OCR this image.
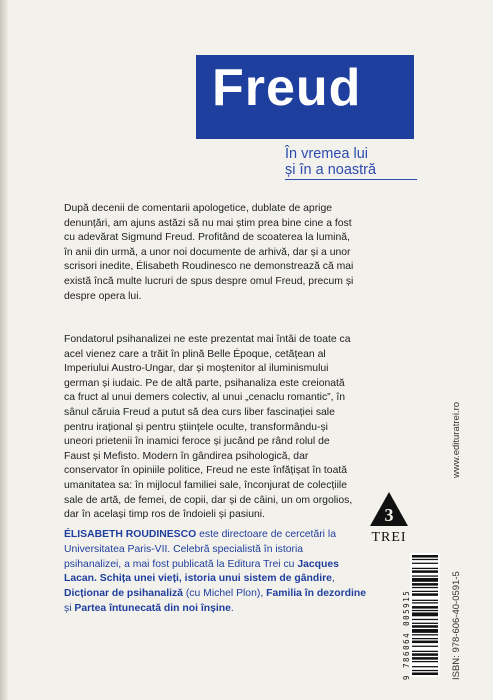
Freud
În vremea lui
și în a noastră
După decenii de comentarii apologetice, dublate de aprige
denunțări, am ajuns astăzi să nu mai știm prea bine cine a fost
cu adevărat Sigmund Freud. Profitând de scoaterea la lumină,
în anii din urmă, a unor noi documente de arhivă, dar și a unor
scrisori inedite, Élisabeth Roudinesco ne demonstrează că mai
există încă multe lucruri de spus despre omul Freud, precum și
despre opera lui.
Fondatorul psihanalizei ne este prezentat mai întâi de toate ca
acel vienez care a trăit în plină Belle Époque, cetățean al
Imperiului Austro-Ungar, dar și moștenitor al iluminismului
german și iudaic. Pe de altă parte, psihanaliza este creionată
ca fruct al unui demers colectiv, al unui „cenaclu romantic”, în
sânul căruia Freud a putut să dea curs liber fascinației sale
pentru irațional și pentru științele oculte, transformându-și
uneori prietenii în inamici feroce și jucând pe rând rolul de
Faust și Mefisto. Modern în gândirea psihologică, dar
conservator în opiniile politice, Freud ne este înfățișat în toată
umanitatea sa: în mijlocul familiei sale, înconjurat de colecțiile
sale de artă, de femei, de copii, dar și de câini, un om orgolios,
dar în același timp ros de îndoieli și pasiuni.
ÉLISABETH ROUDINESCO este directoare de cercetări la
Universitatea Paris-VII. Celebră specialistă în istoria
psihanalizei, a mai fost publicată la Editura Trei cu Jacques
Lacan. Schița unei vieți, istoria unui sistem de gândire,
Dicționar de psihanaliză (cu Michel Plon), Familia în dezordine
și Partea întunecată din noi înșine.
3
TREI
www.edituratrei.ro
ISBN: 978-606-40-0591-5
9 786064 005915
